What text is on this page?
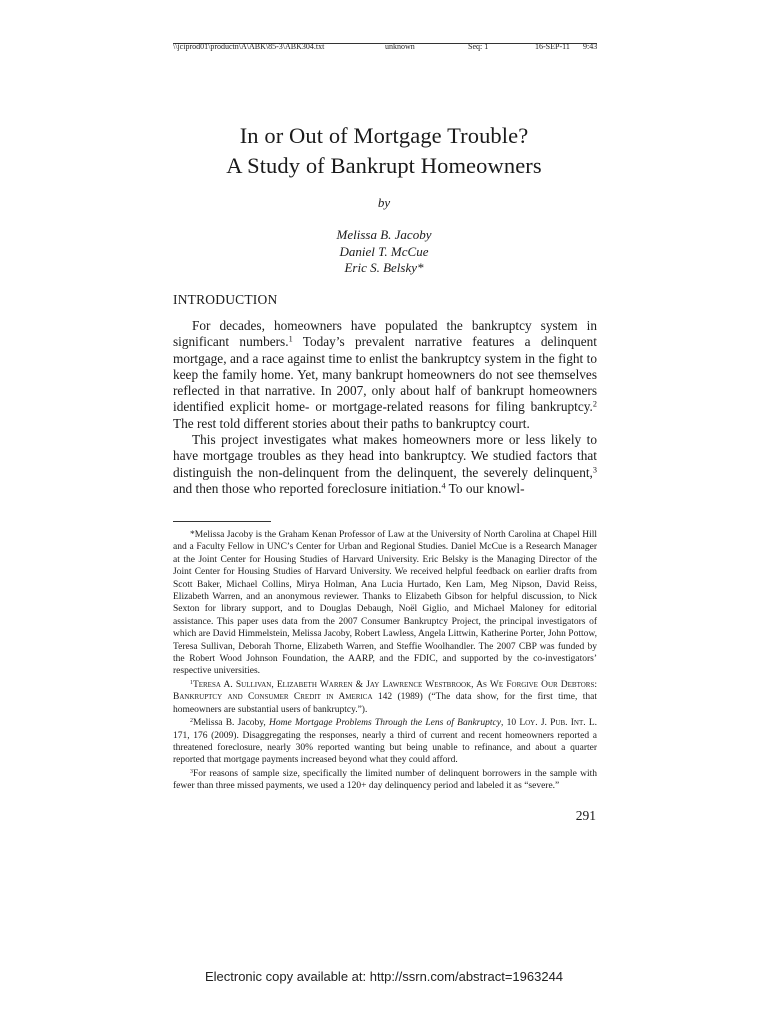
\\jciprod01\productn\A\ABK\85-3\ABK304.txt	unknown	Seq: 1	16-SEP-11 9:43
In or Out of Mortgage Trouble?
A Study of Bankrupt Homeowners
by
Melissa B. Jacoby
Daniel T. McCue
Eric S. Belsky*
INTRODUCTION

For decades, homeowners have populated the bankruptcy system in significant numbers.$^1$ Today’s prevalent narrative features a delinquent mortgage, and a race against time to enlist the bankruptcy system in the fight to keep the family home. Yet, many bankrupt homeowners do not see themselves reflected in that narrative. In 2007, only about half of bankrupt homeowners identified explicit home- or mortgage-related reasons for filing bankruptcy.$^2$ The rest told different stories about their paths to bankruptcy court.

This project investigates what makes homeowners more or less likely to have mortgage troubles as they head into bankruptcy. We studied factors that distinguish the non-delinquent from the delinquent, the severely delinquent,$^3$ and then those who reported foreclosure initiation.$^4$ To our knowl-

*Melissa Jacoby is the Graham Kenan Professor of Law at the University of North Carolina at Chapel Hill and a Faculty Fellow in UNC’s Center for Urban and Regional Studies. Daniel McCue is a Research Manager at the Joint Center for Housing Studies of Harvard University. Eric Belsky is the Managing Director of the Joint Center for Housing Studies of Harvard University. We received helpful feedback on earlier drafts from Scott Baker, Michael Collins, Mirya Holman, Ana Lucia Hurtado, Ken Lam, Meg Nipson, David Reiss, Elizabeth Warren, and an anonymous reviewer. Thanks to Elizabeth Gibson for helpful discussion, to Nick Sexton for library support, and to Douglas Debaugh, Noël Giglio, and Michael Maloney for editorial assistance. This paper uses data from the 2007 Consumer Bankruptcy Project, the principal investigators of which are David Himmelstein, Melissa Jacoby, Robert Lawless, Angela Littwin, Katherine Porter, John Pottow, Teresa Sullivan, Deborah Thorne, Elizabeth Warren, and Steffie Woolhandler. The 2007 CBP was funded by the Robert Wood Johnson Foundation, the AARP, and the FDIC, and supported by the co-investigators’ respective universities.

$^1$Teresa A. Sullivan, Elizabeth Warren & Jay Lawrence Westbrook, As We Forgive Our Debtors: Bankruptcy and Consumer Credit in America 142 (1989) (“The data show, for the first time, that homeowners are substantial users of bankruptcy.”).

$^2$Melissa B. Jacoby, Home Mortgage Problems Through the Lens of Bankruptcy, 10 Loy. J. Pub. Int. L. 171, 176 (2009). Disaggregating the responses, nearly a third of current and recent homeowners reported a threatened foreclosure, nearly 30% reported wanting but being unable to refinance, and about a quarter reported that mortgage payments increased beyond what they could afford.

$^3$For reasons of sample size, specifically the limited number of delinquent borrowers in the sample with fewer than three missed payments, we used a 120+ day delinquency period and labeled it as “severe.”

291
Electronic copy available at: http://ssrn.com/abstract=1963244
